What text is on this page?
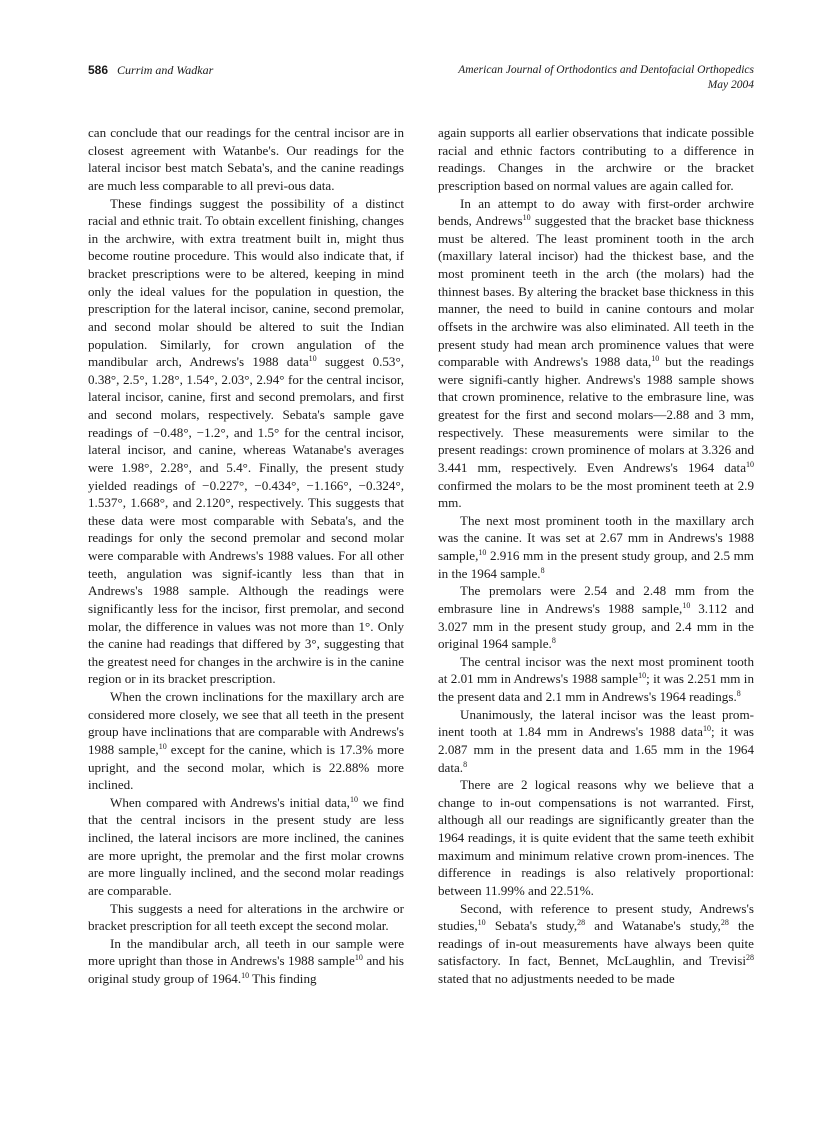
586 Currim and Wadkar	American Journal of Orthodontics and Dentofacial Orthopedics
May 2004

can conclude that our readings for the central incisor are in closest agreement with Watanbe's. Our readings for the lateral incisor best match Sebata's, and the canine readings are much less comparable to all previ-ous data.

These findings suggest the possibility of a distinct racial and ethnic trait. To obtain excellent finishing, changes in the archwire, with extra treatment built in, might thus become routine procedure. This would also indicate that, if bracket prescriptions were to be altered, keeping in mind only the ideal values for the population in question, the prescription for the lateral incisor, canine, second premolar, and second molar should be altered to suit the Indian population. Similarly, for crown angulation of the mandibular arch, Andrews's 1988 data$^{10}$ suggest 0.53°, 0.38°, 2.5°, 1.28°, 1.54°, 2.03°, 2.94° for the central incisor, lateral incisor, canine, first and second premolars, and first and second molars, respectively. Sebata's sample gave readings of −0.48°, −1.2°, and 1.5° for the central incisor, lateral incisor, and canine, whereas Watanabe's averages were 1.98°, 2.28°, and 5.4°. Finally, the present study yielded readings of −0.227°, −0.434°, −1.166°, −0.324°, 1.537°, 1.668°, and 2.120°, respectively. This suggests that these data were most comparable with Sebata's, and the readings for only the second premolar and second molar were comparable with Andrews's 1988 values. For all other teeth, angulation was signif-icantly less than that in Andrews's 1988 sample. Although the readings were significantly less for the incisor, first premolar, and second molar, the difference in values was not more than 1°. Only the canine had readings that differed by 3°, suggesting that the greatest need for changes in the archwire is in the canine region or in its bracket prescription.

When the crown inclinations for the maxillary arch are considered more closely, we see that all teeth in the present group have inclinations that are comparable with Andrews's 1988 sample,$^{10}$ except for the canine, which is 17.3% more upright, and the second molar, which is 22.88% more inclined.

When compared with Andrews's initial data,$^{10}$ we find that the central incisors in the present study are less inclined, the lateral incisors are more inclined, the canines are more upright, the premolar and the first molar crowns are more lingually inclined, and the second molar readings are comparable.

This suggests a need for alterations in the archwire or bracket prescription for all teeth except the second molar.

In the mandibular arch, all teeth in our sample were more upright than those in Andrews's 1988 sample$^{10}$ and his original study group of 1964.10 This finding

again supports all earlier observations that indicate possible racial and ethnic factors contributing to a difference in readings. Changes in the archwire or the bracket prescription based on normal values are again called for.

In an attempt to do away with first-order archwire bends, Andrews$^{10}$ suggested that the bracket base thickness must be altered. The least prominent tooth in the arch (maxillary lateral incisor) had the thickest base, and the most prominent teeth in the arch (the molars) had the thinnest bases. By altering the bracket base thickness in this manner, the need to build in canine contours and molar offsets in the archwire was also eliminated. All teeth in the present study had mean arch prominence values that were comparable with Andrews's 1988 data,$^{10}$ but the readings were signifi-cantly higher. Andrews's 1988 sample shows that crown prominence, relative to the embrasure line, was greatest for the first and second molars—2.88 and 3 mm, respectively. These measurements were similar to the present readings: crown prominence of molars at 3.326 and 3.441 mm, respectively. Even Andrews's 1964 data$^{10}$ confirmed the molars to be the most prominent teeth at 2.9 mm.

The next most prominent tooth in the maxillary arch was the canine. It was set at 2.67 mm in Andrews's 1988 sample,$^{10}$ 2.916 mm in the present study group, and 2.5 mm in the 1964 sample.$^8$

The premolars were 2.54 and 2.48 mm from the embrasure line in Andrews's 1988 sample,$^{10}$ 3.112 and 3.027 mm in the present study group, and 2.4 mm in the original 1964 sample.$^8$

The central incisor was the next most prominent tooth at 2.01 mm in Andrews's 1988 sample$^{10}$; it was 2.251 mm in the present data and 2.1 mm in Andrews's 1964 readings.$^8$

Unanimously, the lateral incisor was the least prom-inent tooth at 1.84 mm in Andrews's 1988 data$^{10}$; it was 2.087 mm in the present data and 1.65 mm in the 1964 data.$^8$

There are 2 logical reasons why we believe that a change to in-out compensations is not warranted. First, although all our readings are significantly greater than the 1964 readings, it is quite evident that the same teeth exhibit maximum and minimum relative crown prom-inences. The difference in readings is also relatively proportional: between 11.99% and 22.51%.

Second, with reference to present study, Andrews's studies,$^{10}$ Sebata's study,$^{28}$ and Watanabe's study,$^{28}$ the readings of in-out measurements have always been quite satisfactory. In fact, Bennet, McLaughlin, and Trevisi$^{28}$ stated that no adjustments needed to be made
